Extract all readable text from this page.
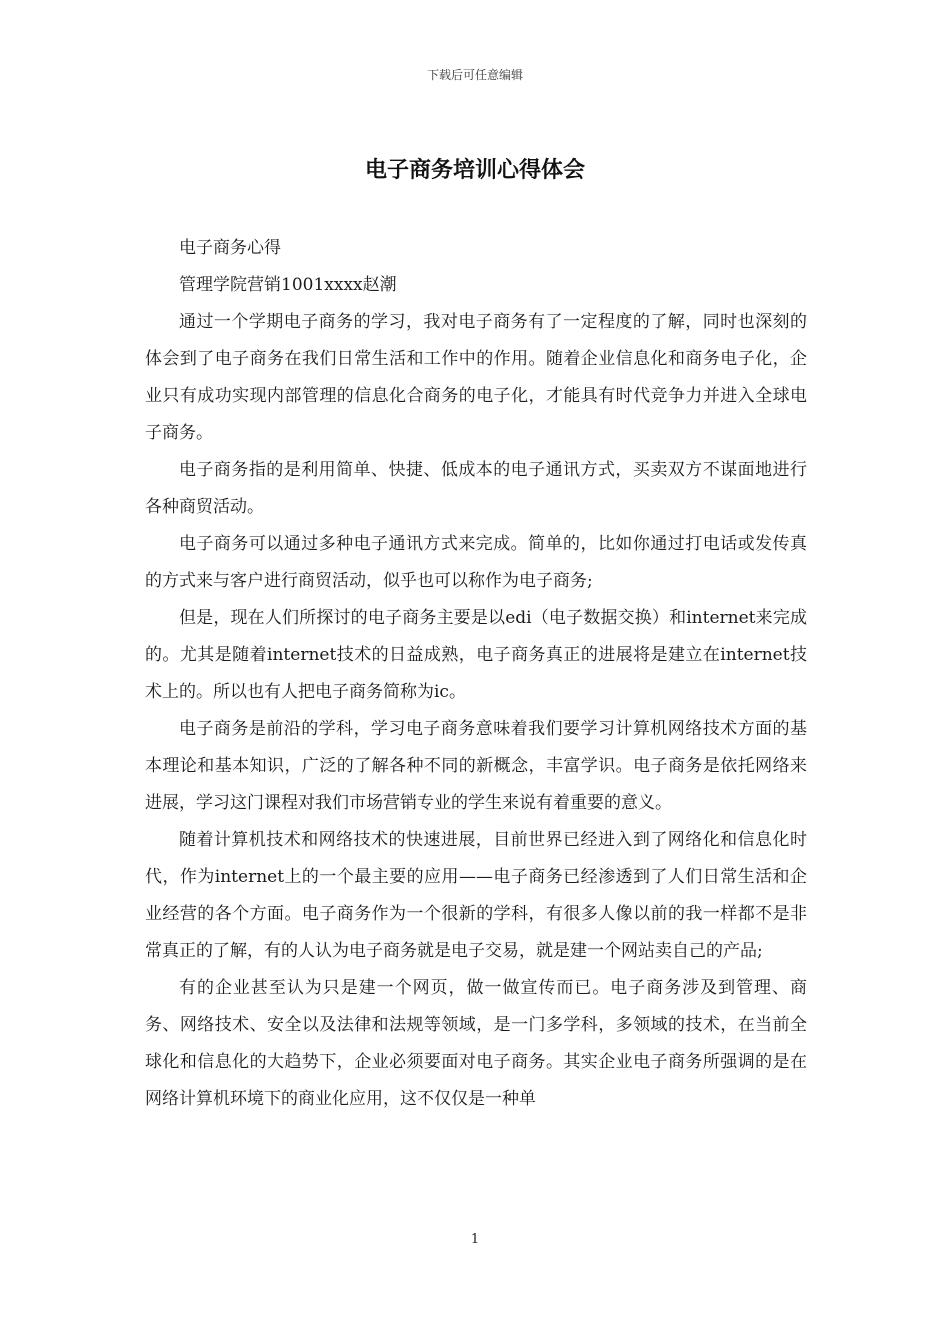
下载后可任意编辑
电子商务培训心得体会

电子商务心得

管理学院营销1001xxxx赵潮

通过一个学期电子商务的学习，我对电子商务有了一定程度的了解，同时也深刻的体会到了电子商务在我们日常生活和工作中的作用。随着企业信息化和商务电子化，企业只有成功实现内部管理的信息化合商务的电子化，才能具有时代竞争力并进入全球电子商务。

电子商务指的是利用简单、快捷、低成本的电子通讯方式，买卖双方不谋面地进行各种商贸活动。

电子商务可以通过多种电子通讯方式来完成。简单的，比如你通过打电话或发传真的方式来与客户进行商贸活动，似乎也可以称作为电子商务;

但是，现在人们所探讨的电子商务主要是以edi（电子数据交换）和internet来完成的。尤其是随着internet技术的日益成熟，电子商务真正的进展将是建立在internet技术上的。所以也有人把电子商务简称为ic。

电子商务是前沿的学科，学习电子商务意味着我们要学习计算机网络技术方面的基本理论和基本知识，广泛的了解各种不同的新概念，丰富学识。电子商务是依托网络来进展，学习这门课程对我们市场营销专业的学生来说有着重要的意义。

随着计算机技术和网络技术的快速进展，目前世界已经进入到了网络化和信息化时代，作为internet上的一个最主要的应用——电子商务已经渗透到了人们日常生活和企业经营的各个方面。电子商务作为一个很新的学科，有很多人像以前的我一样都不是非常真正的了解，有的人认为电子商务就是电子交易，就是建一个网站卖自己的产品;

有的企业甚至认为只是建一个网页，做一做宣传而已。电子商务涉及到管理、商务、网络技术、安全以及法律和法规等领域，是一门多学科，多领域的技术，在当前全球化和信息化的大趋势下，企业必须要面对电子商务。其实企业电子商务所强调的是在网络计算机环境下的商业化应用，这不仅仅是一种单

1
